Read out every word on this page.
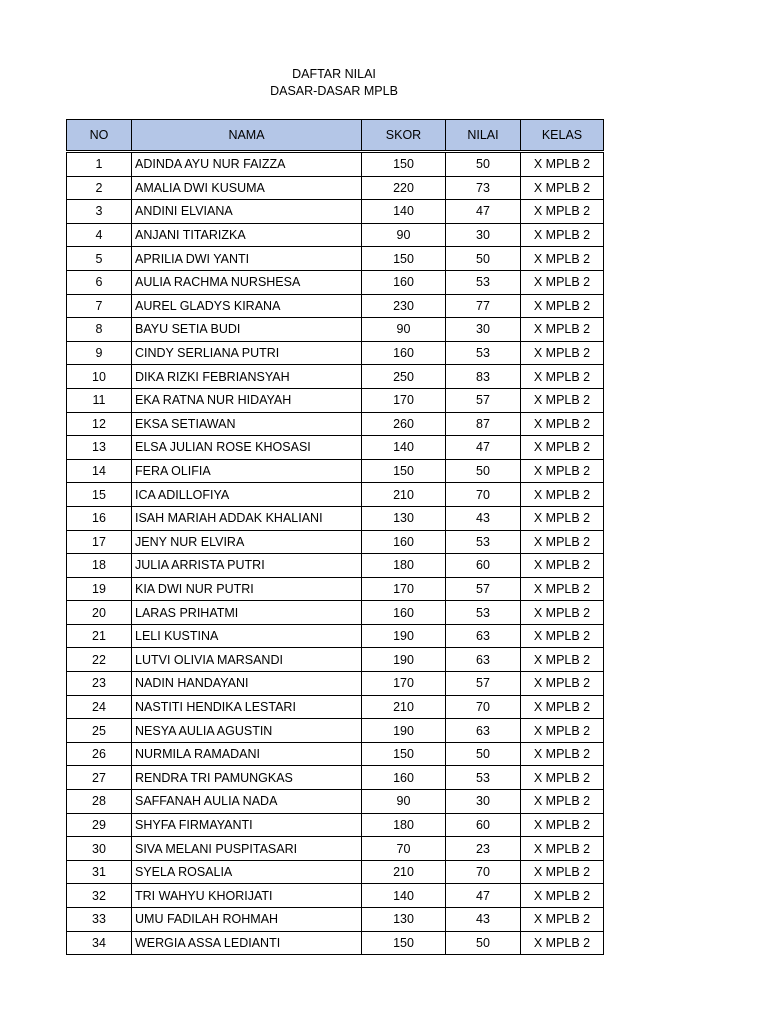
DAFTAR NILAI
DASAR-DASAR MPLB
NO	NAMA	SKOR	NILAI	KELAS
1	ADINDA AYU NUR FAIZZA	150	50	X MPLB 2
2	AMALIA DWI KUSUMA	220	73	X MPLB 2
3	ANDINI ELVIANA	140	47	X MPLB 2
4	ANJANI TITARIZKA	90	30	X MPLB 2
5	APRILIA DWI YANTI	150	50	X MPLB 2
6	AULIA RACHMA NURSHESA	160	53	X MPLB 2
7	AUREL GLADYS KIRANA	230	77	X MPLB 2
8	BAYU SETIA BUDI	90	30	X MPLB 2
9	CINDY SERLIANA PUTRI	160	53	X MPLB 2
10	DIKA RIZKI FEBRIANSYAH	250	83	X MPLB 2
11	EKA RATNA NUR HIDAYAH	170	57	X MPLB 2
12	EKSA SETIAWAN	260	87	X MPLB 2
13	ELSA JULIAN ROSE KHOSASI	140	47	X MPLB 2
14	FERA OLIFIA	150	50	X MPLB 2
15	ICA ADILLOFIYA	210	70	X MPLB 2
16	ISAH MARIAH ADDAK KHALIANI	130	43	X MPLB 2
17	JENY NUR ELVIRA	160	53	X MPLB 2
18	JULIA ARRISTA PUTRI	180	60	X MPLB 2
19	KIA DWI NUR PUTRI	170	57	X MPLB 2
20	LARAS PRIHATMI	160	53	X MPLB 2
21	LELI KUSTINA	190	63	X MPLB 2
22	LUTVI OLIVIA MARSANDI	190	63	X MPLB 2
23	NADIN HANDAYANI	170	57	X MPLB 2
24	NASTITI HENDIKA LESTARI	210	70	X MPLB 2
25	NESYA AULIA AGUSTIN	190	63	X MPLB 2
26	NURMILA RAMADANI	150	50	X MPLB 2
27	RENDRA TRI PAMUNGKAS	160	53	X MPLB 2
28	SAFFANAH AULIA NADA	90	30	X MPLB 2
29	SHYFA FIRMAYANTI	180	60	X MPLB 2
30	SIVA MELANI PUSPITASARI	70	23	X MPLB 2
31	SYELA ROSALIA	210	70	X MPLB 2
32	TRI WAHYU KHORIJATI	140	47	X MPLB 2
33	UMU FADILAH ROHMAH	130	43	X MPLB 2
34	WERGIA ASSA LEDIANTI	150	50	X MPLB 2
